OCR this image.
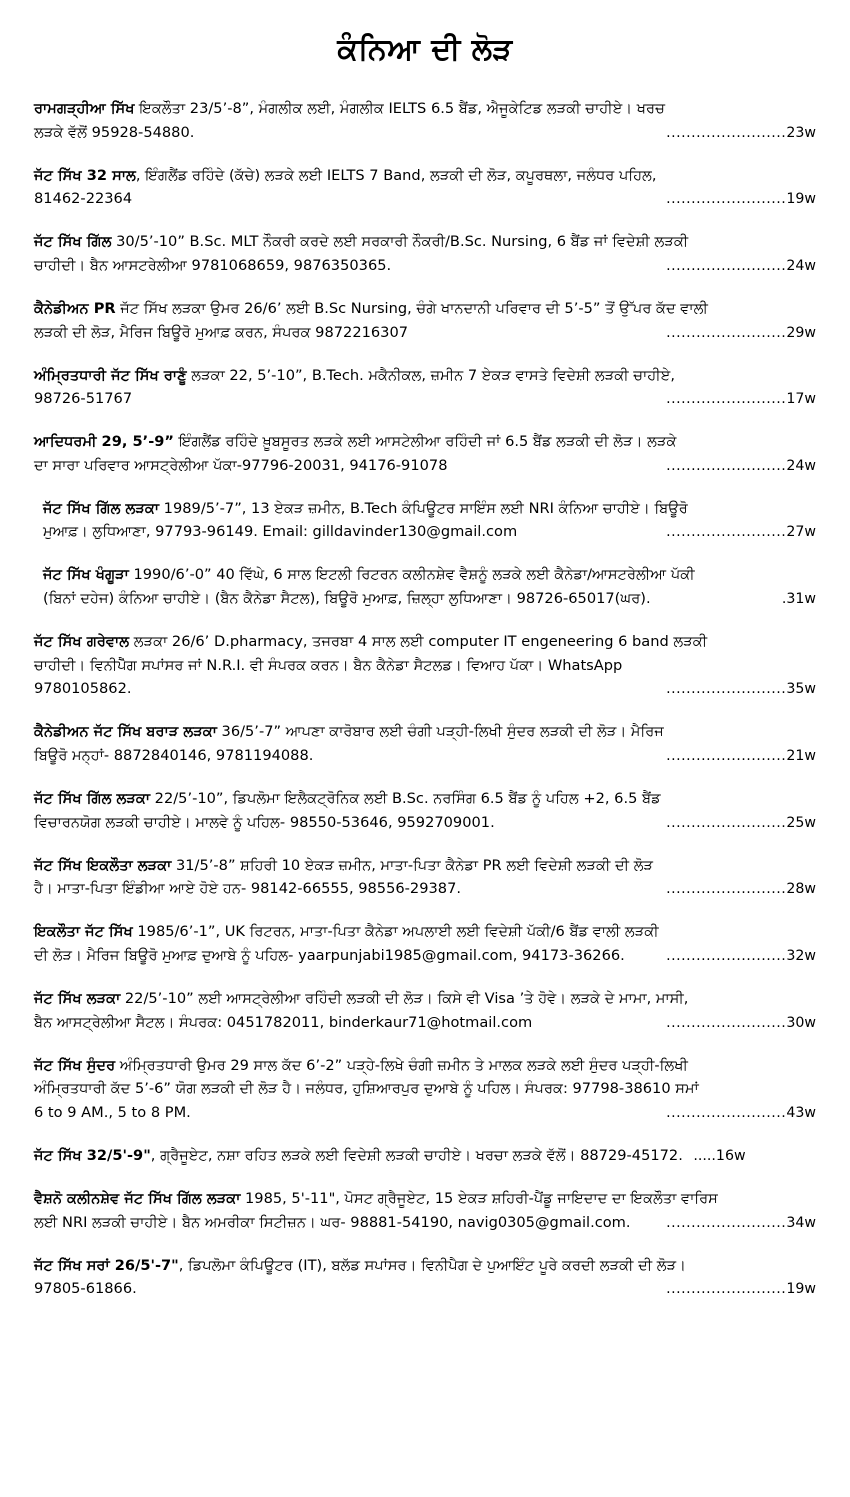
ਕੰਨਿਆ ਦੀ ਲੋੜ
ਰਾਮਗੜ੍ਹੀਆ ਸਿੱਖ ਇਕਲੌਤਾ 23/5’-8”, ਮੰਗਲੀਕ ਲਈ, ਮੰਗਲੀਕ IELTS 6.5 ਬੈਂਡ, ਐਜੂਕੇਟਿਡ ਲੜਕੀ ਚਾਹੀਏ। ਖਰਚ
ਲੜਕੇ ਵੱਲੋਂ 95928-54880.	........................23w
ਜੱਟ ਸਿੱਖ 32 ਸਾਲ, ਇੰਗਲੈਂਡ ਰਹਿੰਦੇ (ਕੱਚੇ) ਲੜਕੇ ਲਈ IELTS 7 Band, ਲੜਕੀ ਦੀ ਲੋੜ, ਕਪੂਰਥਲਾ, ਜਲੰਧਰ ਪਹਿਲ,
81462-22364	........................19w
ਜੱਟ ਸਿੱਖ ਗਿੱਲ 30/5’-10” B.Sc. MLT ਨੌਕਰੀ ਕਰਦੇ ਲਈ ਸਰਕਾਰੀ ਨੌਕਰੀ/B.Sc. Nursing, 6 ਬੈਂਡ ਜਾਂ ਵਿਦੇਸ਼ੀ ਲੜਕੀ
ਚਾਹੀਦੀ। ਬੈਨ ਆਸਟਰੇਲੀਆ 9781068659, 9876350365.	........................24w
ਕੈਨੇਡੀਅਨ PR ਜੱਟ ਸਿੱਖ ਲੜਕਾ ਉਮਰ 26/6’ ਲਈ B.Sc Nursing, ਚੰਗੇ ਖਾਨਦਾਨੀ ਪਰਿਵਾਰ ਦੀ 5’-5” ਤੋਂ ਉੱਪਰ ਕੱਦ ਵਾਲੀ
ਲੜਕੀ ਦੀ ਲੋੜ, ਮੈਰਿਜ ਬਿਊਰੋ ਮੁਆਫ਼ ਕਰਨ, ਸੰਪਰਕ 9872216307	........................29w
ਅੰਮ੍ਰਿਤਧਾਰੀ ਜੱਟ ਸਿੱਖ ਰਾਣੂੰ ਲੜਕਾ 22, 5’-10”, B.Tech. ਮਕੈਨੀਕਲ, ਜ਼ਮੀਨ 7 ਏਕੜ ਵਾਸਤੇ ਵਿਦੇਸ਼ੀ ਲੜਕੀ ਚਾਹੀਏ,
98726-51767	........................17w
ਆਦਿਧਰਮੀ 29, 5’-9” ਇੰਗਲੈਂਡ ਰਹਿੰਦੇ ਖ਼ੂਬਸੂਰਤ ਲੜਕੇ ਲਈ ਆਸਟੇਲੀਆ ਰਹਿੰਦੀ ਜਾਂ 6.5 ਬੈਂਡ ਲੜਕੀ ਦੀ ਲੋੜ। ਲੜਕੇ
ਦਾ ਸਾਰਾ ਪਰਿਵਾਰ ਆਸਟ੍ਰੇਲੀਆ ਪੱਕਾ-97796-20031, 94176-91078	........................24w
ਜੱਟ ਸਿੱਖ ਗਿੱਲ ਲੜਕਾ 1989/5’-7”, 13 ਏਕੜ ਜ਼ਮੀਨ, B.Tech ਕੰਪਿਊਟਰ ਸਾਇੰਸ ਲਈ NRI ਕੰਨਿਆ ਚਾਹੀਏ। ਬਿਊਰੋ
ਮੁਆਫ਼। ਲੁਧਿਆਣਾ, 97793-96149. Email: gilldavinder130@gmail.com	........................27w
ਜੱਟ ਸਿੱਖ ਖੰਗੂੜਾ 1990/6’-0” 40 ਵਿੱਘੇ, 6 ਸਾਲ ਇਟਲੀ ਰਿਟਰਨ ਕਲੀਨਸ਼ੇਵ ਵੈਸ਼ਨੂੰ ਲੜਕੇ ਲਈ ਕੈਨੇਡਾ/ਆਸਟਰੇਲੀਆ ਪੱਕੀ
(ਬਿਨਾਂ ਦਹੇਜ) ਕੰਨਿਆ ਚਾਹੀਏ। (ਬੈਨ ਕੈਨੇਡਾ ਸੈਟਲ), ਬਿਊਰੋ ਮੁਆਫ਼, ਜ਼ਿਲ੍ਹਾ ਲੁਧਿਆਣਾ। 98726-65017(ਘਰ).	.31w
ਜੱਟ ਸਿੱਖ ਗਰੇਵਾਲ ਲੜਕਾ 26/6’ D.pharmacy, ਤਜਰਬਾ 4 ਸਾਲ ਲਈ computer IT engeneering 6 band ਲੜਕੀ
ਚਾਹੀਦੀ। ਵਿਨੀਪੈੱਗ ਸਪਾਂਸਰ ਜਾਂ N.R.I. ਵੀ ਸੰਪਰਕ ਕਰਨ। ਬੈਨ ਕੈਨੇਡਾ ਸੈਟਲਡ। ਵਿਆਹ ਪੱਕਾ। WhatsApp
9780105862.	........................35w
ਕੈਨੇਡੀਅਨ ਜੱਟ ਸਿੱਖ ਬਰਾੜ ਲੜਕਾ 36/5’-7” ਆਪਣਾ ਕਾਰੋਬਾਰ ਲਈ ਚੰਗੀ ਪੜ੍ਹੀ-ਲਿਖੀ ਸੁੰਦਰ ਲੜਕੀ ਦੀ ਲੋੜ। ਮੈਰਿਜ
ਬਿਊਰੋ ਮਨ੍ਹਾਂ- 8872840146, 9781194088.	........................21w
ਜੱਟ ਸਿੱਖ ਗਿੱਲ ਲੜਕਾ 22/5’-10”, ਡਿਪਲੋਮਾ ਇਲੈਕਟ੍ਰੋਨਿਕ ਲਈ B.Sc. ਨਰਸਿੰਗ 6.5 ਬੈਂਡ ਨੂੰ ਪਹਿਲ +2, 6.5 ਬੈਂਡ
ਵਿਚਾਰਨਯੋਗ ਲੜਕੀ ਚਾਹੀਏ। ਮਾਲਵੇ ਨੂੰ ਪਹਿਲ- 98550-53646, 9592709001.	........................25w
ਜੱਟ ਸਿੱਖ ਇਕਲੌਤਾ ਲੜਕਾ 31/5’-8” ਸ਼ਹਿਰੀ 10 ਏਕੜ ਜ਼ਮੀਨ, ਮਾਤਾ-ਪਿਤਾ ਕੈਨੇਡਾ PR ਲਈ ਵਿਦੇਸ਼ੀ ਲੜਕੀ ਦੀ ਲੋੜ
ਹੈ। ਮਾਤਾ-ਪਿਤਾ ਇੰਡੀਆ ਆਏ ਹੋਏ ਹਨ- 98142-66555, 98556-29387.	........................28w
ਇਕਲੌਤਾ ਜੱਟ ਸਿੱਖ 1985/6’-1”, UK ਰਿਟਰਨ, ਮਾਤਾ-ਪਿਤਾ ਕੈਨੇਡਾ ਅਪਲਾਈ ਲਈ ਵਿਦੇਸ਼ੀ ਪੱਕੀ/6 ਬੈਂਡ ਵਾਲੀ ਲੜਕੀ
ਦੀ ਲੋੜ। ਮੈਰਿਜ ਬਿਊਰੋ ਮੁਆਫ਼ ਦੁਆਬੇ ਨੂੰ ਪਹਿਲ- yaarpunjabi1985@gmail.com, 94173-36266.	........................32w
ਜੱਟ ਸਿੱਖ ਲੜਕਾ 22/5’-10” ਲਈ ਆਸਟ੍ਰੇਲੀਆ ਰਹਿੰਦੀ ਲੜਕੀ ਦੀ ਲੋੜ। ਕਿਸੇ ਵੀ Visa ’ਤੇ ਹੋਵੇ। ਲੜਕੇ ਦੇ ਮਾਮਾ, ਮਾਸੀ,
ਬੈਨ ਆਸਟ੍ਰੇਲੀਆ ਸੈਟਲ। ਸੰਪਰਕ: 0451782011, binderkaur71@hotmail.com	........................30w
ਜੱਟ ਸਿੱਖ ਸੁੰਦਰ ਅੰਮ੍ਰਿਤਧਾਰੀ ਉਮਰ 29 ਸਾਲ ਕੱਦ 6’-2” ਪੜ੍ਹੇ-ਲਿਖੇ ਚੰਗੀ ਜ਼ਮੀਨ ਤੇ ਮਾਲਕ ਲੜਕੇ ਲਈ ਸੁੰਦਰ ਪੜ੍ਹੀ-ਲਿਖੀ
ਅੰਮ੍ਰਿਤਧਾਰੀ ਕੱਦ 5’-6” ਯੋਗ ਲੜਕੀ ਦੀ ਲੋੜ ਹੈ। ਜਲੰਧਰ, ਹੁਸ਼ਿਆਰਪੁਰ ਦੁਆਬੇ ਨੂੰ ਪਹਿਲ। ਸੰਪਰਕ: 97798-38610 ਸਮਾਂ
6 to 9 AM., 5 to 8 PM.	........................43w
ਜੱਟ ਸਿੱਖ 32/5'-9", ਗ੍ਰੈਜੂਏਟ, ਨਸ਼ਾ ਰਹਿਤ ਲੜਕੇ ਲਈ ਵਿਦੇਸ਼ੀ ਲੜਕੀ ਚਾਹੀਏ। ਖਰਚਾ ਲੜਕੇ ਵੱਲੋਂ। 88729-45172. .....16w
ਵੈਸ਼ਨੋ ਕਲੀਨਸ਼ੇਵ ਜੱਟ ਸਿੱਖ ਗਿੱਲ ਲੜਕਾ 1985, 5'-11", ਪੋਸਟ ਗ੍ਰੈਜੂਏਟ, 15 ਏਕੜ ਸ਼ਹਿਰੀ-ਪੈਂਡੂ ਜਾਇਦਾਦ ਦਾ ਇਕਲੌਤਾ ਵਾਰਿਸ
ਲਈ NRI ਲੜਕੀ ਚਾਹੀਏ। ਬੈਨ ਅਮਰੀਕਾ ਸਿਟੀਜ਼ਨ। ਘਰ- 98881-54190, navig0305@gmail.com.	........................34w
ਜੱਟ ਸਿੱਖ ਸਰਾਂ 26/5'-7", ਡਿਪਲੋਮਾ ਕੰਪਿਊਟਰ (IT), ਬਲੱਡ ਸਪਾਂਸਰ। ਵਿਨੀਪੈਗ ਦੇ ਪੁਆਇੰਟ ਪੂਰੇ ਕਰਦੀ ਲੜਕੀ ਦੀ ਲੋੜ।
97805-61866.	........................19w
